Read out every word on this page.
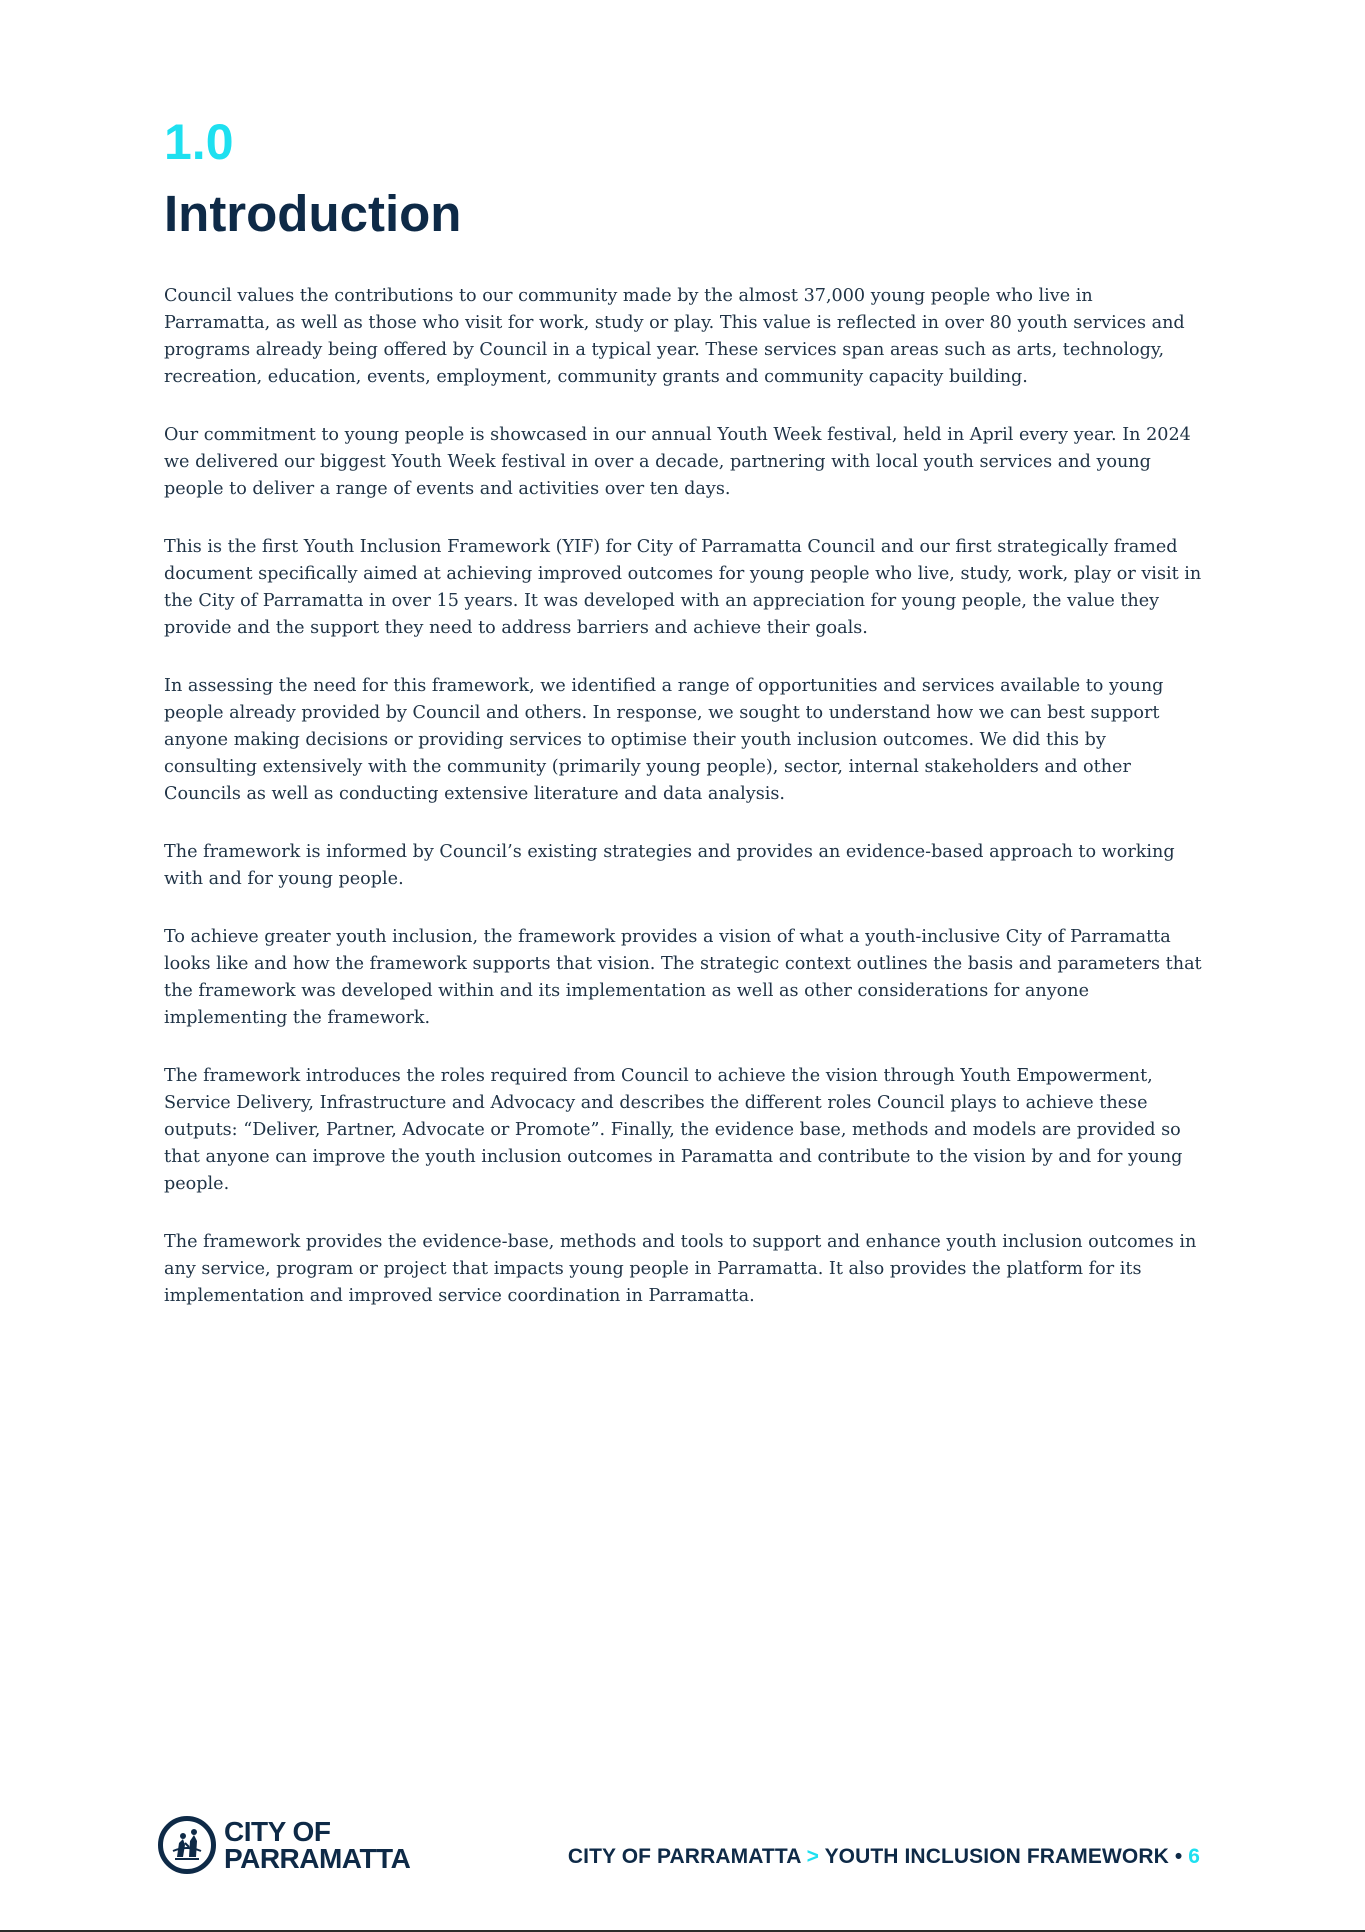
1.0
Introduction

Council values the contributions to our community made by the almost 37,000 young people who live in Parramatta, as well as those who visit for work, study or play. This value is reflected in over 80 youth services and programs already being offered by Council in a typical year. These services span areas such as arts, technology, recreation, education, events, employment, community grants and community capacity building.

Our commitment to young people is showcased in our annual Youth Week festival, held in April every year. In 2024 we delivered our biggest Youth Week festival in over a decade, partnering with local youth services and young people to deliver a range of events and activities over ten days.

This is the first Youth Inclusion Framework (YIF) for City of Parramatta Council and our first strategically framed document specifically aimed at achieving improved outcomes for young people who live, study, work, play or visit in the City of Parramatta in over 15 years. It was developed with an appreciation for young people, the value they provide and the support they need to address barriers and achieve their goals.

In assessing the need for this framework, we identified a range of opportunities and services available to young people already provided by Council and others. In response, we sought to understand how we can best support anyone making decisions or providing services to optimise their youth inclusion outcomes. We did this by consulting extensively with the community (primarily young people), sector, internal stakeholders and other Councils as well as conducting extensive literature and data analysis.

The framework is informed by Council’s existing strategies and provides an evidence-based approach to working with and for young people.

To achieve greater youth inclusion, the framework provides a vision of what a youth-inclusive City of Parramatta looks like and how the framework supports that vision. The strategic context outlines the basis and parameters that the framework was developed within and its implementation as well as other considerations for anyone implementing the framework.

The framework introduces the roles required from Council to achieve the vision through Youth Empowerment, Service Delivery, Infrastructure and Advocacy and describes the different roles Council plays to achieve these outputs: “Deliver, Partner, Advocate or Promote”. Finally, the evidence base, methods and models are provided so that anyone can improve the youth inclusion outcomes in Paramatta and contribute to the vision by and for young people.

The framework provides the evidence-base, methods and tools to support and enhance youth inclusion outcomes in any service, program or project that impacts young people in Parramatta. It also provides the platform for its implementation and improved service coordination in Parramatta.

CITY OF
PARRAMATTA	CITY OF PARRAMATTA > YOUTH INCLUSION FRAMEWORK • 6
